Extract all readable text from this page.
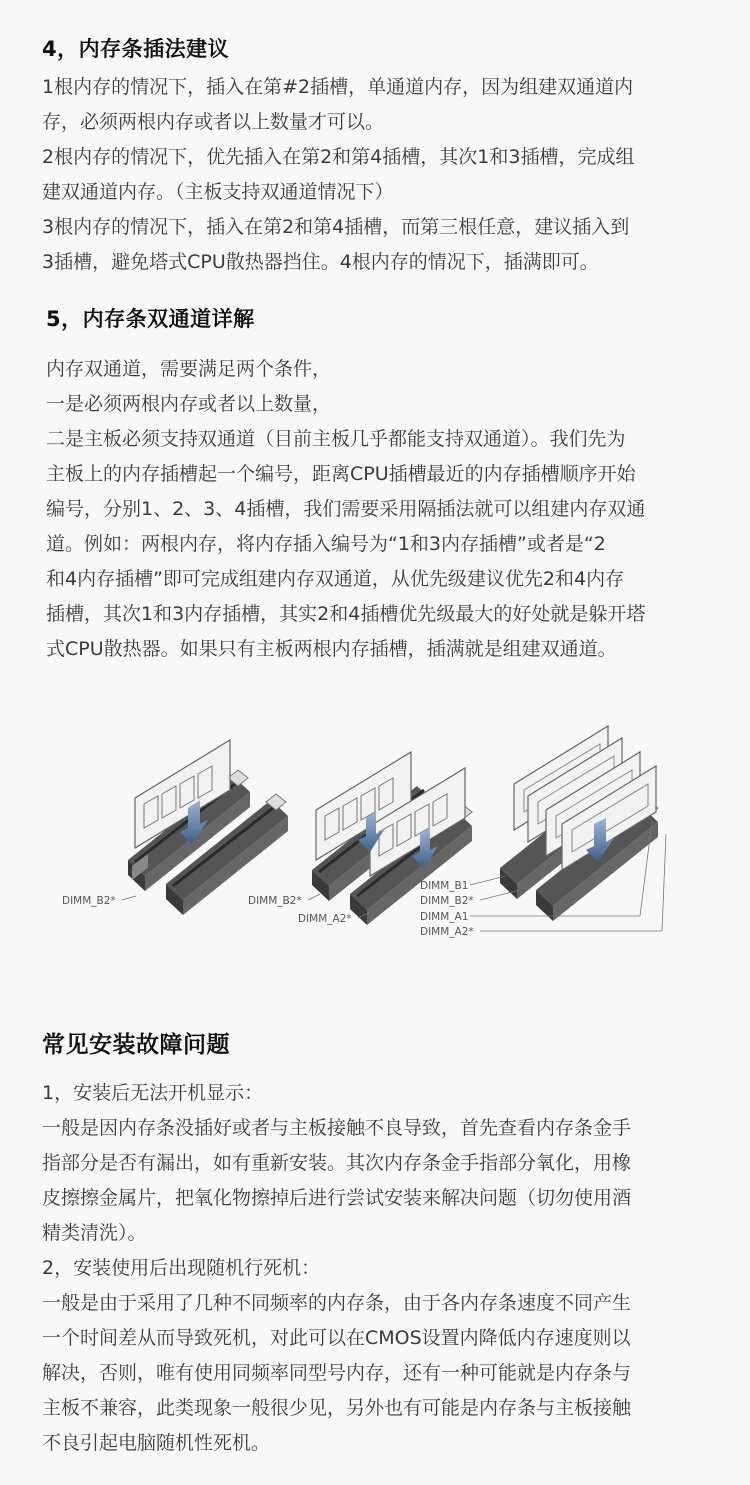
4，内存条插法建议
1根内存的情况下，插入在第#2插槽，单通道内存，因为组建双通道内
存，必须两根内存或者以上数量才可以。
2根内存的情况下，优先插入在第2和第4插槽，其次1和3插槽，完成组
建双通道内存。（主板支持双通道情况下）
3根内存的情况下，插入在第2和第4插槽，而第三根任意，建议插入到
3插槽，避免塔式CPU散热器挡住。4根内存的情况下，插满即可。
5，内存条双通道详解
内存双通道，需要满足两个条件，
一是必须两根内存或者以上数量，
二是主板必须支持双通道（目前主板几乎都能支持双通道）。我们先为
主板上的内存插槽起一个编号，距离CPU插槽最近的内存插槽顺序开始
编号，分别1、2、3、4插槽，我们需要采用隔插法就可以组建内存双通
道。例如：两根内存，将内存插入编号为“1和3内存插槽”或者是“2
和4内存插槽”即可完成组建内存双通道，从优先级建议优先2和4内存
插槽，其次1和3内存插槽，其实2和4插槽优先级最大的好处就是躲开塔
式CPU散热器。如果只有主板两根内存插槽，插满就是组建双通道。
DIMM_B2*	DIMM_B2*
DIMM_A2*
DIMM_B1
DIMM_B2*
DIMM_A1
DIMM_A2*
常见安装故障问题
1，安装后无法开机显示：
一般是因内存条没插好或者与主板接触不良导致，首先查看内存条金手
指部分是否有漏出，如有重新安装。其次内存条金手指部分氧化，用橡
皮擦擦金属片，把氧化物擦掉后进行尝试安装来解决问题（切勿使用酒
精类清洗）。
2，安装使用后出现随机行死机：
一般是由于采用了几种不同频率的内存条，由于各内存条速度不同产生
一个时间差从而导致死机，对此可以在CMOS设置内降低内存速度则以
解决，否则，唯有使用同频率同型号内存，还有一种可能就是内存条与
主板不兼容，此类现象一般很少见，另外也有可能是内存条与主板接触
不良引起电脑随机性死机。
